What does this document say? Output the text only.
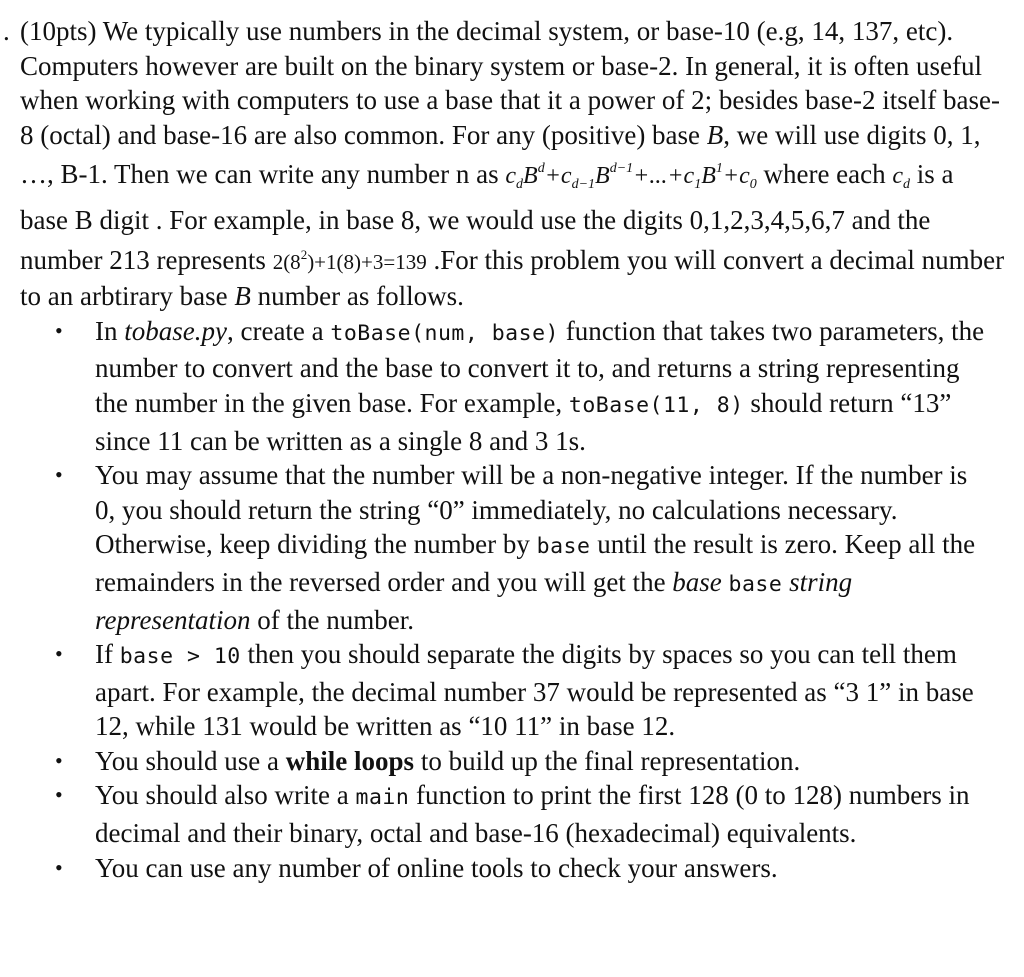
. (10pts) We typically use numbers in the decimal system, or base-10 (e.g, 14, 137, etc). Computers however are built on the binary system or base-2. In general, it is often useful when working with computers to use a base that it a power of 2; besides base-2 itself base-8 (octal) and base-16 are also common. For any (positive) base B, we will use digits 0, 1, …, B-1. Then we can write any number n as $c_dB^d+c_{d-1}B^{d-1}+...+c_1B^1+c_0$ where each $c_d$ is a base B digit . For example, in base 8, we would use the digits 0,1,2,3,4,5,6,7 and the number 213 represents $2(8^2)+1(8)+3=139$ .For this problem you will convert a decimal number to an arbtirary base B number as follows.

• In tobase.py, create a toBase(num, base) function that takes two parameters, the number to convert and the base to convert it to, and returns a string representing the number in the given base. For example, toBase(11, 8) should return “13” since 11 can be written as a single 8 and 3 1s.
• You may assume that the number will be a non-negative integer. If the number is 0, you should return the string “0” immediately, no calculations necessary. Otherwise, keep dividing the number by base until the result is zero. Keep all the remainders in the reversed order and you will get the base base string representation of the number.
• If base > 10 then you should separate the digits by spaces so you can tell them apart. For example, the decimal number 37 would be represented as “3 1” in base 12, while 131 would be written as “10 11” in base 12.
• You should use a while loops to build up the final representation.
• You should also write a main function to print the first 128 (0 to 128) numbers in decimal and their binary, octal and base-16 (hexadecimal) equivalents.
• You can use any number of online tools to check your answers.
